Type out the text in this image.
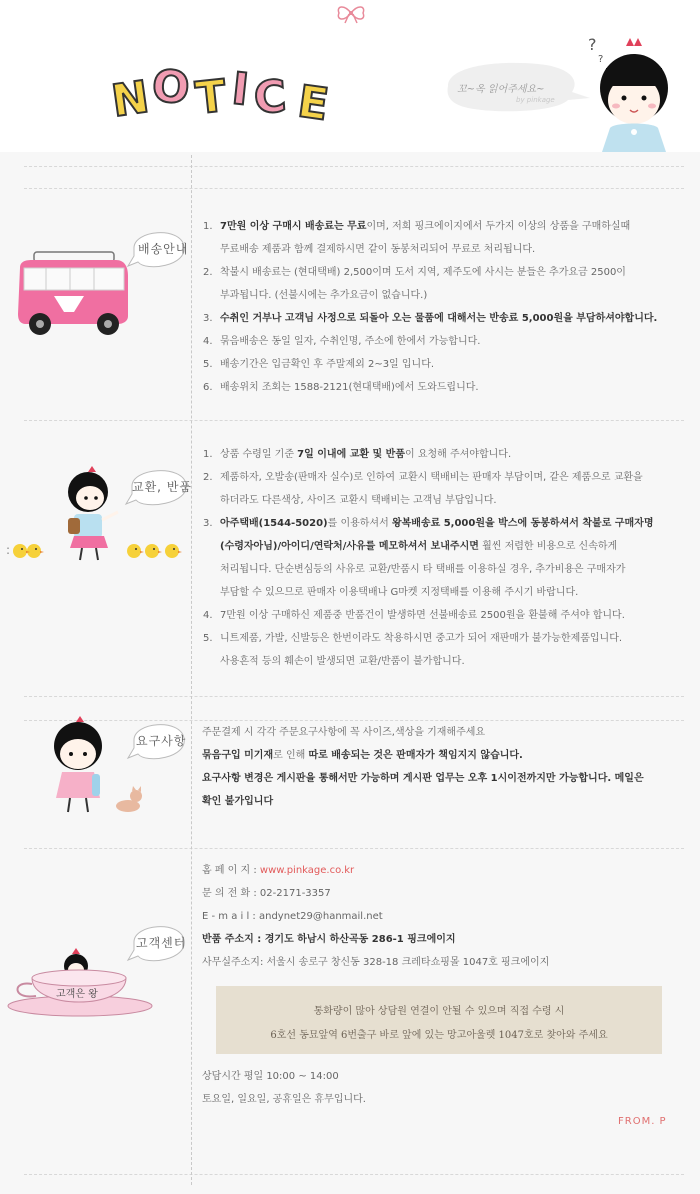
N
O T I C E	꼬~옥 읽어주세요~
by pinkage
?
?
배송안내
1. 7만원 이상 구매시 배송료는 무료이며, 저희 핑크에이지에서 두가지 이상의 상품을 구매하실때
무료배송 제품과 함께 결제하시면 같이 동봉처리되어 무료로 처리됩니다.
2. 착불시 배송료는 (현대택배) 2,500이며 도서 지역, 제주도에 사시는 분들은 추가요금 2500이
부과됩니다. (선불시에는 추가요금이 없습니다.)
3. 수취인 거부나 고객님 사정으로 되돌아 오는 물품에 대해서는 반송료 5,000원을 부담하셔야합니다.
4. 묶음배송은 동일 일자, 수취인명, 주소에 한에서 가능합니다.
5. 배송기간은 입금확인 후 주말제외 2~3일 입니다.
6. 배송위치 조회는 1588-2121(현대택배)에서 도와드립니다.
교환, 반품
:
1. 상품 수령일 기준 7일 이내에 교환 및 반품이 요청해 주셔야합니다.
2. 제품하자, 오발송(판매자 실수)로 인하여 교환시 택배비는 판매자 부담이며, 같은 제품으로 교환을
하더라도 다른색상, 사이즈 교환시 택배비는 고객님 부담입니다.
3. 아주택배(1544-5020)를 이용하셔서 왕복배송료 5,000원을 박스에 동봉하셔서 착불로 구매자명
(수령자아님)/아이디/연락처/사유를 메모하셔서 보내주시면 훨씬 저렴한 비용으로 신속하게
처리됩니다. 단순변심등의 사유로 교환/반품시 타 택배를 이용하실 경우, 추가비용은 구매자가
부담할 수 있으므로 판매자 이용택배나 G마켓 지정택배를 이용해 주시기 바랍니다.
4. 7만원 이상 구매하신 제품중 반품건이 발생하면 선불배송료 2500원을 환불해 주셔야 합니다.
5. 니트제품, 가발, 신발등은 한번이라도 착용하시면 중고가 되어 재판매가 불가능한제품입니다.
사용흔적 등의 훼손이 발생되면 교환/반품이 불가합니다.
요구사항
주문결제 시 각각 주문요구사항에 꼭 사이즈,색상을 기재해주세요
묶음구입 미기재로 인해 따로 배송되는 것은 판매자가 책임지지 않습니다.
요구사항 변경은 게시판을 통해서만 가능하며 게시판 업무는 오후 1시이전까지만 가능합니다. 메일은
확인 불가입니다
고객센터
고객은 왕
홈 페 이 지 : www.pinkage.co.kr
문 의 전 화 : 02-2171-3357
E - m a i l : andynet29@hanmail.net
반품 주소지 : 경기도 하남시 하산곡동 286-1 핑크에이지
사무실주소지: 서울시 송로구 창신동 328-18 크레타쇼핑몰 1047호 핑크에이지
통화량이 많아 상담원 연결이 안될 수 있으며 직접 수령 시
6호선 동묘앞역 6번출구 바로 앞에 있는 망고아울렛 1047호로 찾아와 주세요
상담시간 평일 10:00 ~ 14:00
토요일, 일요일, 공휴일은 휴무입니다.
FROM. P
